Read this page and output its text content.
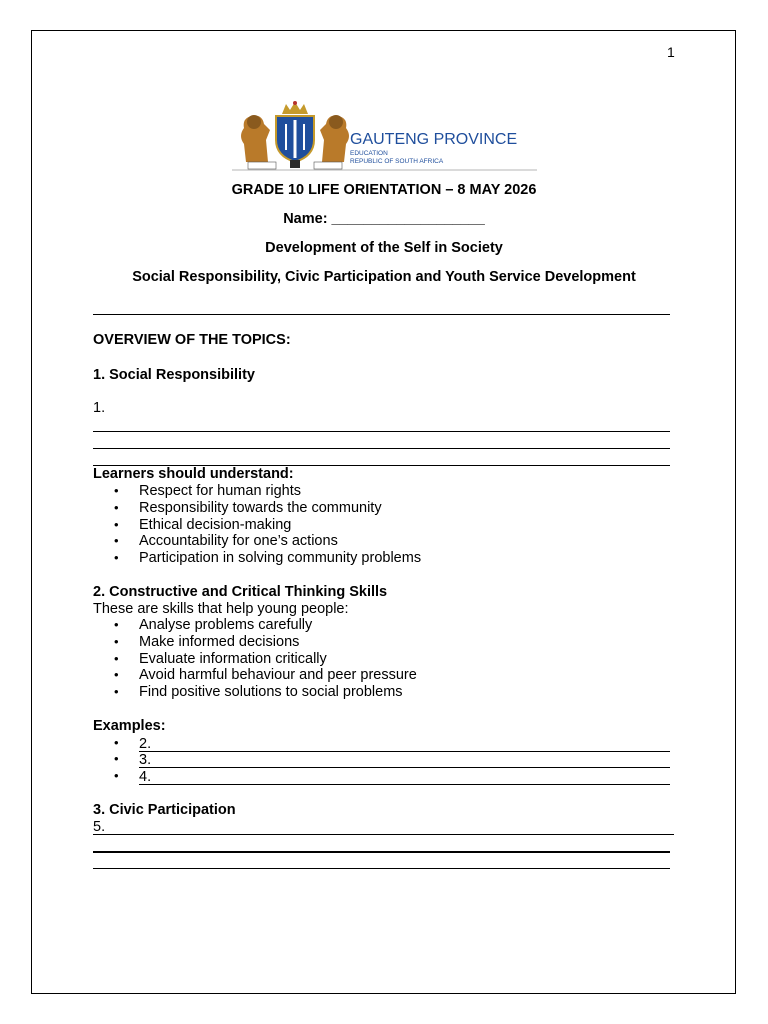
1
GAUTENG PROVINCE
EDUCATION
REPUBLIC OF SOUTH AFRICA
GRADE 10 LIFE ORIENTATION – 8 MAY 2026
Name: ___________________
Development of the Self in Society
Social Responsibility, Civic Participation and Youth Service Development
OVERVIEW OF THE TOPICS:
1. Social Responsibility
1.
Learners should understand:
• Respect for human rights
• Responsibility towards the community
• Ethical decision-making
• Accountability for one’s actions
• Participation in solving community problems
2. Constructive and Critical Thinking Skills
These are skills that help young people:
• Analyse problems carefully
• Make informed decisions
• Evaluate information critically
• Avoid harmful behaviour and peer pressure
• Find positive solutions to social problems
Examples:
• 2.
• 3.
• 4.
3. Civic Participation
5.
